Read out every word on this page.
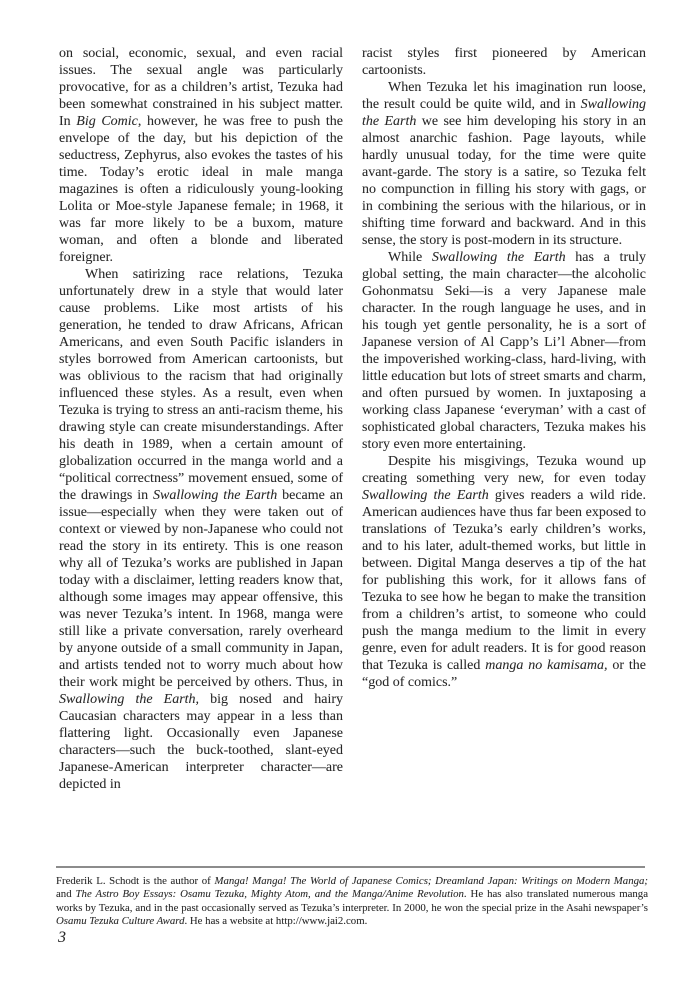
on social, economic, sexual, and even racial issues. The sexual angle was particularly provocative, for as a children’s artist, Tezuka had been somewhat constrained in his subject matter. In Big Comic, however, he was free to push the envelope of the day, but his depiction of the seductress, Zephyrus, also evokes the tastes of his time. Today’s erotic ideal in male manga magazines is often a ridiculously young-looking Lolita or Moe-style Japanese female; in 1968, it was far more likely to be a buxom, mature woman, and often a blonde and liberated foreigner.

When satirizing race relations, Tezuka unfortunately drew in a style that would later cause problems. Like most artists of his generation, he tended to draw Africans, African Americans, and even South Pacific islanders in styles borrowed from American cartoonists, but was oblivious to the racism that had originally influenced these styles. As a result, even when Tezuka is trying to stress an anti-racism theme, his drawing style can create misunderstandings. After his death in 1989, when a certain amount of globalization occurred in the manga world and a “political correctness” movement ensued, some of the drawings in Swallowing the Earth became an issue—especially when they were taken out of context or viewed by non-Japanese who could not read the story in its entirety. This is one reason why all of Tezuka’s works are published in Japan today with a disclaimer, letting readers know that, although some images may appear offensive, this was never Tezuka’s intent. In 1968, manga were still like a private conversation, rarely overheard by anyone outside of a small community in Japan, and artists tended not to worry much about how their work might be perceived by others. Thus, in Swallowing the Earth, big nosed and hairy Caucasian characters may appear in a less than flattering light. Occasionally even Japanese characters—such the buck-toothed, slant-eyed Japanese-American interpreter character—are depicted in

racist styles first pioneered by American cartoonists.

When Tezuka let his imagination run loose, the result could be quite wild, and in Swallowing the Earth we see him developing his story in an almost anarchic fashion. Page layouts, while hardly unusual today, for the time were quite avant-garde. The story is a satire, so Tezuka felt no compunction in filling his story with gags, or in combining the serious with the hilarious, or in shifting time forward and backward. And in this sense, the story is post-modern in its structure.

While Swallowing the Earth has a truly global setting, the main character—the alcoholic Gohonmatsu Seki—is a very Japanese male character. In the rough language he uses, and in his tough yet gentle personality, he is a sort of Japanese version of Al Capp’s Li’l Abner—from the impoverished working-class, hard-living, with little education but lots of street smarts and charm, and often pursued by women. In juxtaposing a working class Japanese ‘everyman’ with a cast of sophisticated global characters, Tezuka makes his story even more entertaining.

Despite his misgivings, Tezuka wound up creating something very new, for even today Swallowing the Earth gives readers a wild ride. American audiences have thus far been exposed to translations of Tezuka’s early children’s works, and to his later, adult-themed works, but little in between. Digital Manga deserves a tip of the hat for publishing this work, for it allows fans of Tezuka to see how he began to make the transition from a children’s artist, to someone who could push the manga medium to the limit in every genre, even for adult readers. It is for good reason that Tezuka is called manga no kamisama, or the “god of comics.”

Frederik L. Schodt is the author of Manga! Manga! The World of Japanese Comics; Dreamland Japan: Writings on Modern Manga; and The Astro Boy Essays: Osamu Tezuka, Mighty Atom, and the Manga/Anime Revolution. He has also translated numerous manga works by Tezuka, and in the past occasionally served as Tezuka’s interpreter. In 2000, he won the special prize in the Asahi newspaper’s Osamu Tezuka Culture Award. He has a website at http://www.jai2.com.

3
